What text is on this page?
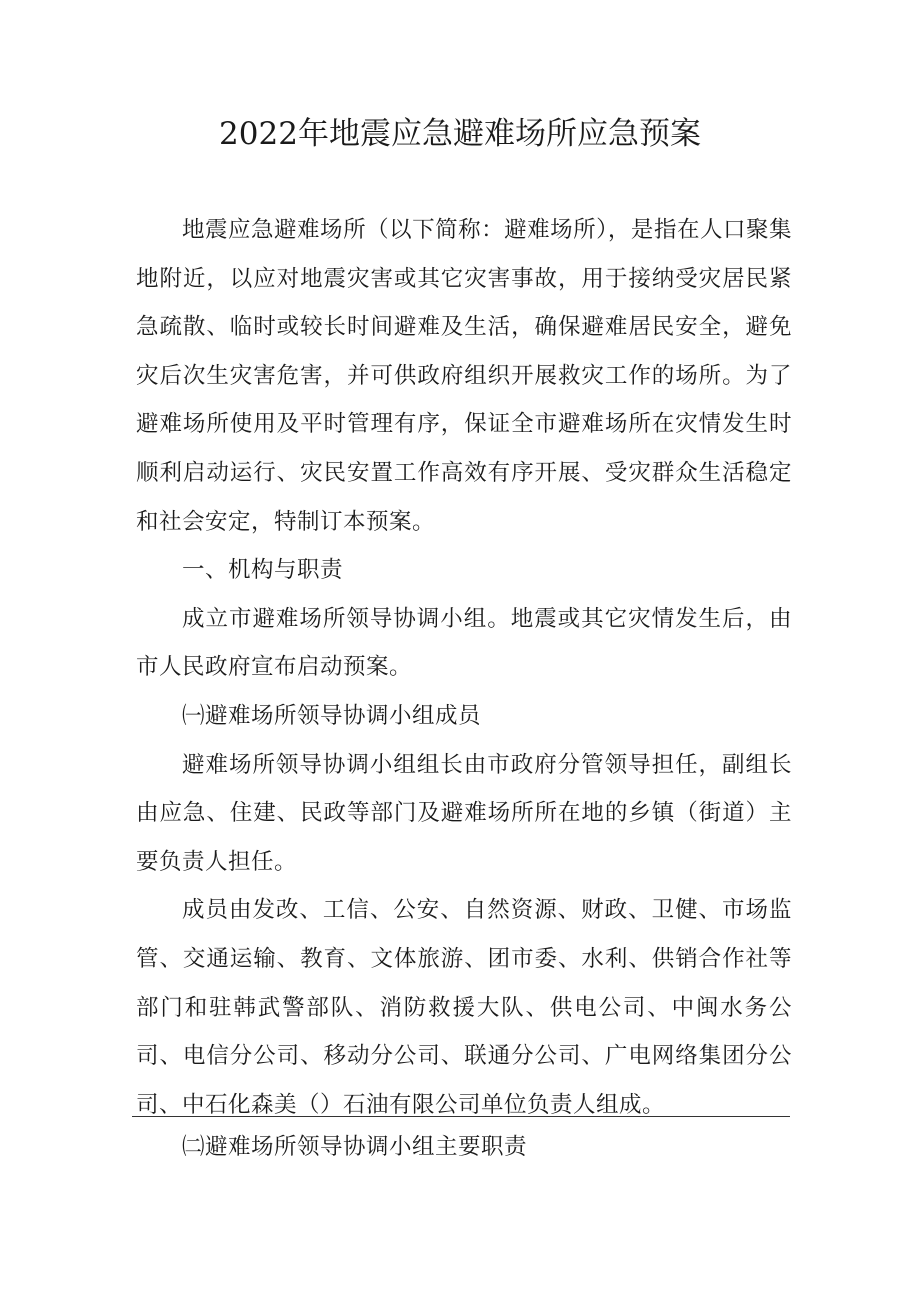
2022年地震应急避难场所应急预案

地震应急避难场所（以下简称：避难场所），是指在人口聚集地附近，以应对地震灾害或其它灾害事故，用于接纳受灾居民紧急疏散、临时或较长时间避难及生活，确保避难居民安全，避免灾后次生灾害危害，并可供政府组织开展救灾工作的场所。为了避难场所使用及平时管理有序，保证全市避难场所在灾情发生时顺利启动运行、灾民安置工作高效有序开展、受灾群众生活稳定和社会安定，特制订本预案。

一、机构与职责

成立市避难场所领导协调小组。地震或其它灾情发生后，由市人民政府宣布启动预案。

㈠避难场所领导协调小组成员

避难场所领导协调小组组长由市政府分管领导担任，副组长由应急、住建、民政等部门及避难场所所在地的乡镇（街道）主要负责人担任。

成员由发改、工信、公安、自然资源、财政、卫健、市场监管、交通运输、教育、文体旅游、团市委、水利、供销合作社等部门和驻韩武警部队、消防救援大队、供电公司、中闽水务公司、电信分公司、移动分公司、联通分公司、广电网络集团分公司、中石化森美（）石油有限公司单位负责人组成。

㈡避难场所领导协调小组主要职责
